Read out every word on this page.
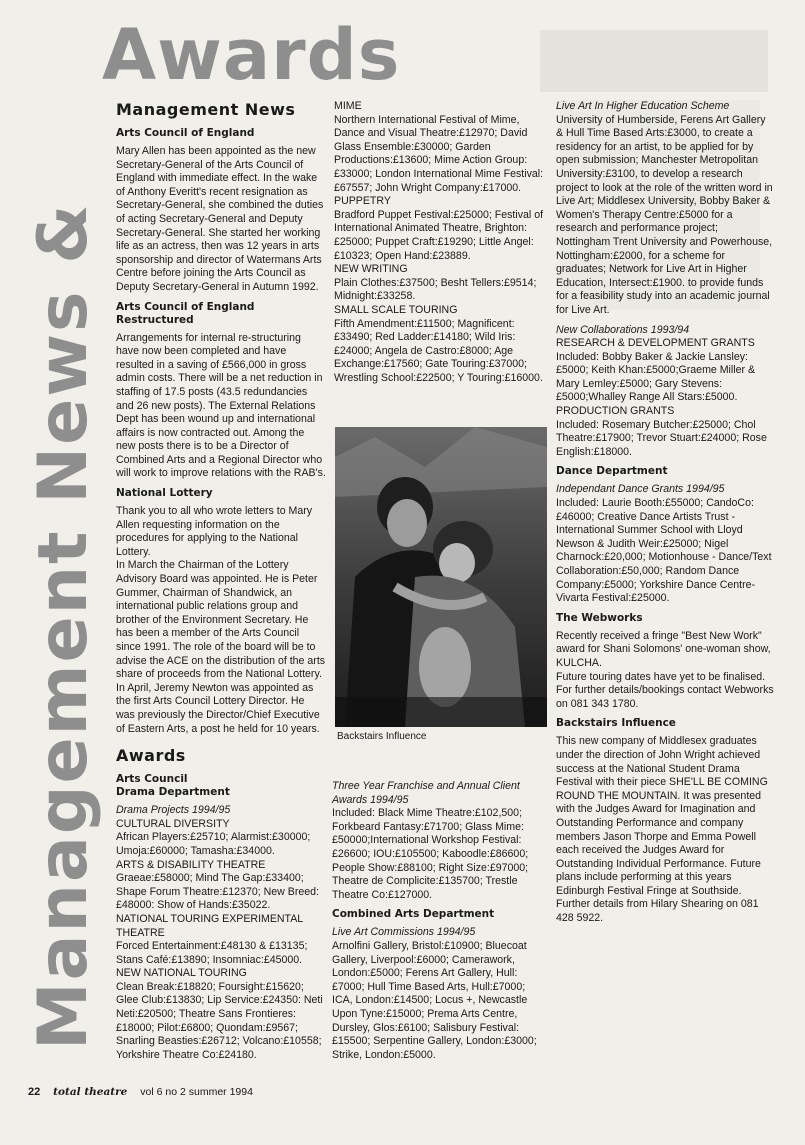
Management News &
Awards
Management News
Arts Council of England

Mary Allen has been appointed as the new Secretary-General of the Arts Council of England with immediate effect. In the wake of Anthony Everitt's recent resignation as Secretary-General, she combined the duties of acting Secretary-General and Deputy Secretary-General. She started her working life as an actress, then was 12 years in arts sponsorship and director of Watermans Arts Centre before joining the Arts Council as Deputy Secretary-General in Autumn 1992.

Arts Council of England Restructured

Arrangements for internal re-structuring have now been completed and have resulted in a saving of £566,000 in gross admin costs. There will be a net reduction in staffing of 17.5 posts (43.5 redundancies and 26 new posts). The External Relations Dept has been wound up and international affairs is now contracted out. Among the new posts there is to be a Director of Combined Arts and a Regional Director who will work to improve relations with the RAB's.

National Lottery

Thank you to all who wrote letters to Mary Allen requesting information on the procedures for applying to the National Lottery.

In March the Chairman of the Lottery Advisory Board was appointed. He is Peter Gummer, Chairman of Shandwick, an international public relations group and brother of the Environment Secretary. He has been a member of the Arts Council since 1991. The role of the board will be to advise the ACE on the distribution of the arts share of proceeds from the National Lottery. In April, Jeremy Newton was appointed as the first Arts Council Lottery Director. He was previously the Director/Chief Executive of Eastern Arts, a post he held for 10 years.

Awards
Arts Council
Drama Department
Drama Projects 1994/95
CULTURAL DIVERSITY
African Players:£25710; Alarmist:£30000; Umoja:£60000; Tamasha:£34000.
ARTS & DISABILITY THEATRE
Graeae:£58000; Mind The Gap:£33400; Shape Forum Theatre:£12370; New Breed:£48000: Show of Hands:£35022.
NATIONAL TOURING EXPERIMENTAL THEATRE
Forced Entertainment:£48130 & £13135; Stans Café:£13890; Insomniac:£45000.
NEW NATIONAL TOURING
Clean Break:£18820; Foursight:£15620; Glee Club:£13830; Lip Service:£24350: Neti Neti:£20500; Theatre Sans Frontieres:£18000; Pilot:£6800; Quondam:£9567; Snarling Beasties:£26712; Volcano:£10558; Yorkshire Theatre Co:£24180.
MIME
Northern International Festival of Mime, Dance and Visual Theatre:£12970; David Glass Ensemble:£30000; Garden Productions:£13600; Mime Action Group:£33000; London International Mime Festival:£67557; John Wright Company:£17000.
PUPPETRY
Bradford Puppet Festival:£25000; Festival of International Animated Theatre, Brighton:£25000; Puppet Craft:£19290; Little Angel:£10323; Open Hand:£23889.
NEW WRITING
Plain Clothes:£37500; Besht Tellers:£9514; Midnight:£33258.
SMALL SCALE TOURING
Fifth Amendment:£11500; Magnificent:£33490; Red Ladder:£14180; Wild Iris:£24000; Angela de Castro:£8000; Age Exchange:£17560; Gate Touring:£37000; Wrestling School:£22500; Y Touring:£16000.
Backstairs Influence
Three Year Franchise and Annual Client Awards 1994/95

Included: Black Mime Theatre:£102,500; Forkbeard Fantasy:£71700; Glass Mime:£50000;International Workshop Festival:£26600; IOU:£105500; Kaboodle:£86600; People Show:£88100; Right Size:£97000; Theatre de Complicite:£135700; Trestle Theatre Co:£127000.

Combined Arts Department
Live Art Commissions 1994/95
Arnolfini Gallery, Bristol:£10900; Bluecoat Gallery, Liverpool:£6000; Camerawork, London:£5000; Ferens Art Gallery, Hull:£7000; Hull Time Based Arts, Hull:£7000; ICA, London:£14500; Locus +, Newcastle Upon Tyne:£15000; Prema Arts Centre, Dursley, Glos:£6100; Salisbury Festival:£15500; Serpentine Gallery, London:£3000; Strike, London:£5000.
Live Art In Higher Education Scheme

University of Humberside, Ferens Art Gallery & Hull Time Based Arts:£3000, to create a residency for an artist, to be applied for by open submission; Manchester Metropolitan University:£3100, to develop a research project to look at the role of the written word in Live Art; Middlesex University, Bobby Baker & Women's Therapy Centre:£5000 for a research and performance project; Nottingham Trent University and Powerhouse, Nottingham:£2000, for a scheme for graduates; Network for Live Art in Higher Education, Intersect:£1900. to provide funds for a feasibility study into an academic journal for Live Art.

New Collaborations 1993/94
RESEARCH & DEVELOPMENT GRANTS
Included: Bobby Baker & Jackie Lansley:£5000; Keith Khan:£5000;Graeme Miller & Mary Lemley:£5000; Gary Stevens:£5000;Whalley Range All Stars:£5000.
PRODUCTION GRANTS

Included: Rosemary Butcher:£25000; Chol Theatre:£17900; Trevor Stuart:£24000; Rose English:£18000.

Dance Department
Independant Dance Grants 1994/95

Included: Laurie Booth:£55000; CandoCo:£46000; Creative Dance Artists Trust - International Summer School with Lloyd Newson & Judith Weir:£25000; Nigel Charnock:£20,000; Motionhouse - Dance/Text Collaboration:£50,000; Random Dance Company:£5000; Yorkshire Dance Centre-Vivarta Festival:£25000.

The Webworks
Recently received a fringe "Best New Work" award for Shani Solomons' one-woman show, KULCHA.

Future touring dates have yet to be finalised. For further details/bookings contact Webworks on 081 343 1780.

Backstairs Influence

This new company of Middlesex graduates under the direction of John Wright achieved success at the National Student Drama Festival with their piece SHE'LL BE COMING ROUND THE MOUNTAIN. It was presented with the Judges Award for Imagination and Outstanding Performance and company members Jason Thorpe and Emma Powell each received the Judges Award for Outstanding Individual Performance. Future plans include performing at this years Edinburgh Festival Fringe at Southside. Further details from Hilary Shearing on 081 428 5922.

22 total theatre vol 6 no 2 summer 1994
